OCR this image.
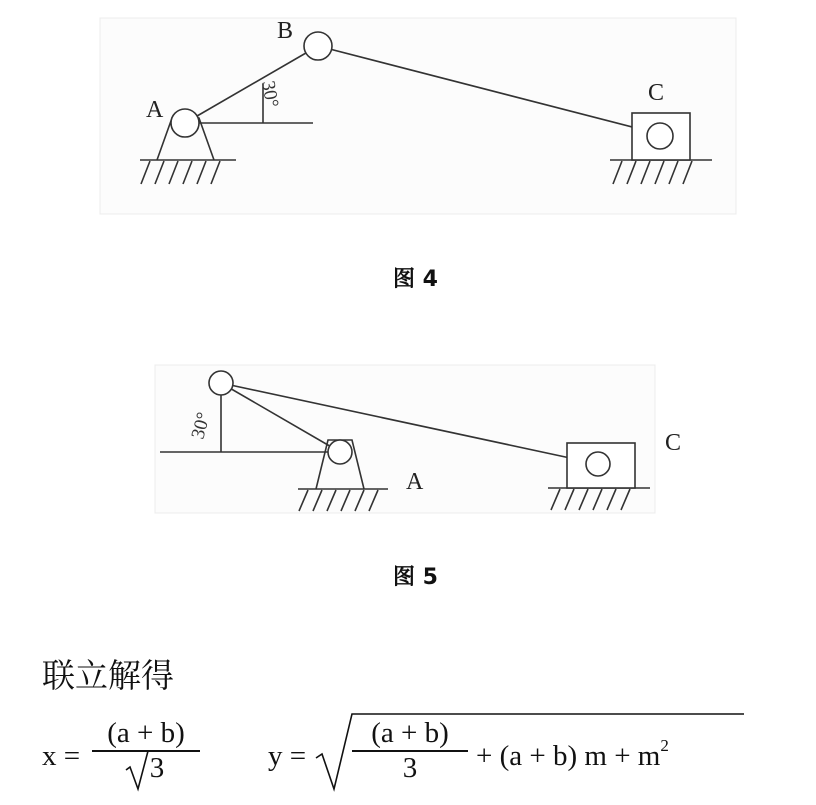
A
B
C
30°
A
C
30°
图 4
图 5
联立解得
$x = \frac{(a + b)}{3}$ $y = \frac{(a + b)}{3} + (a + b) m + m^2$
